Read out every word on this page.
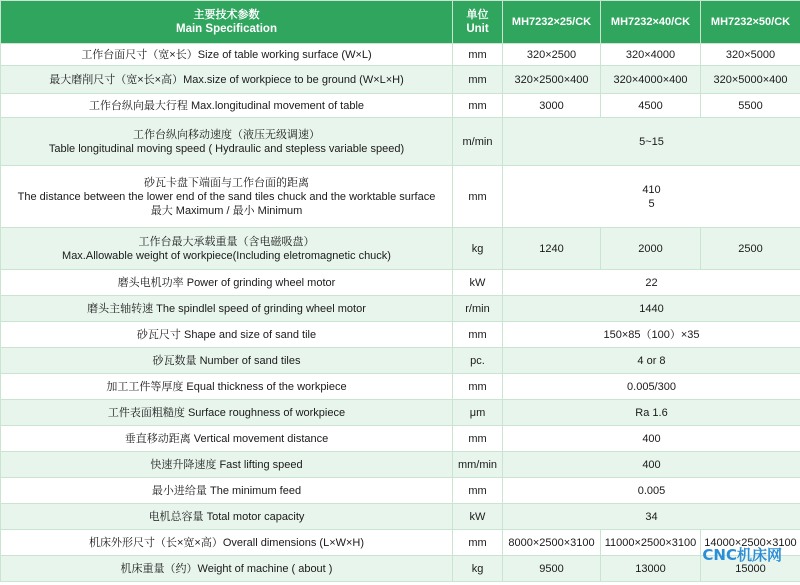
主要技术参数
Main Specification	单位
Unit	MH7232×25/CK	MH7232×40/CK	MH7232×50/CK

工作台面尺寸（宽×长）Size of table working surface (W×L)	mm	320×2500	320×4000	320×5000

最大磨削尺寸（宽×长×高）Max.size of workpiece to be ground (W×L×H)	mm	320×2500×400	320×4000×400	320×5000×400

工作台纵向最大行程 Max.longitudinal movement of table	mm	3000	4500	5500

工作台纵向移动速度（液压无级调速）
Table longitudinal moving speed ( Hydraulic and stepless variable speed)	m/min	5~15		

砂瓦卡盘下端面与工作台面的距离
The distance between the lower end of the sand tiles chuck and the worktable surface
最大 Maximum / 最小 Minimum	mm	410
5		

工作台最大承载重量（含电磁吸盘）
Max.Allowable weight of workpiece(Including eletromagnetic chuck)	kg	1240	2000	2500

磨头电机功率 Power of grinding wheel motor	kW	22		

磨头主轴转速 The spindlel speed of grinding wheel motor	r/min	1440		

砂瓦尺寸 Shape and size of sand tile	mm	150×85（100）×35		

砂瓦数量 Number of sand tiles	pc.	4 or 8		

加工工件等厚度 Equal thickness of the workpiece	mm	0.005/300		

工件表面粗糙度 Surface roughness of workpiece	μm	Ra 1.6		

垂直移动距离 Vertical movement distance	mm	400		

快速升降速度 Fast lifting speed	mm/min	400		

最小进给量 The minimum feed	mm	0.005		

电机总容量 Total motor capacity	kW	34		

机床外形尺寸（长×宽×高）Overall dimensions (L×W×H)	mm	8000×2500×3100	11000×2500×3100	14000×2500×3100

机床重量（约）Weight of machine ( about )	kg	9500	13000	15000
CNC机床网
